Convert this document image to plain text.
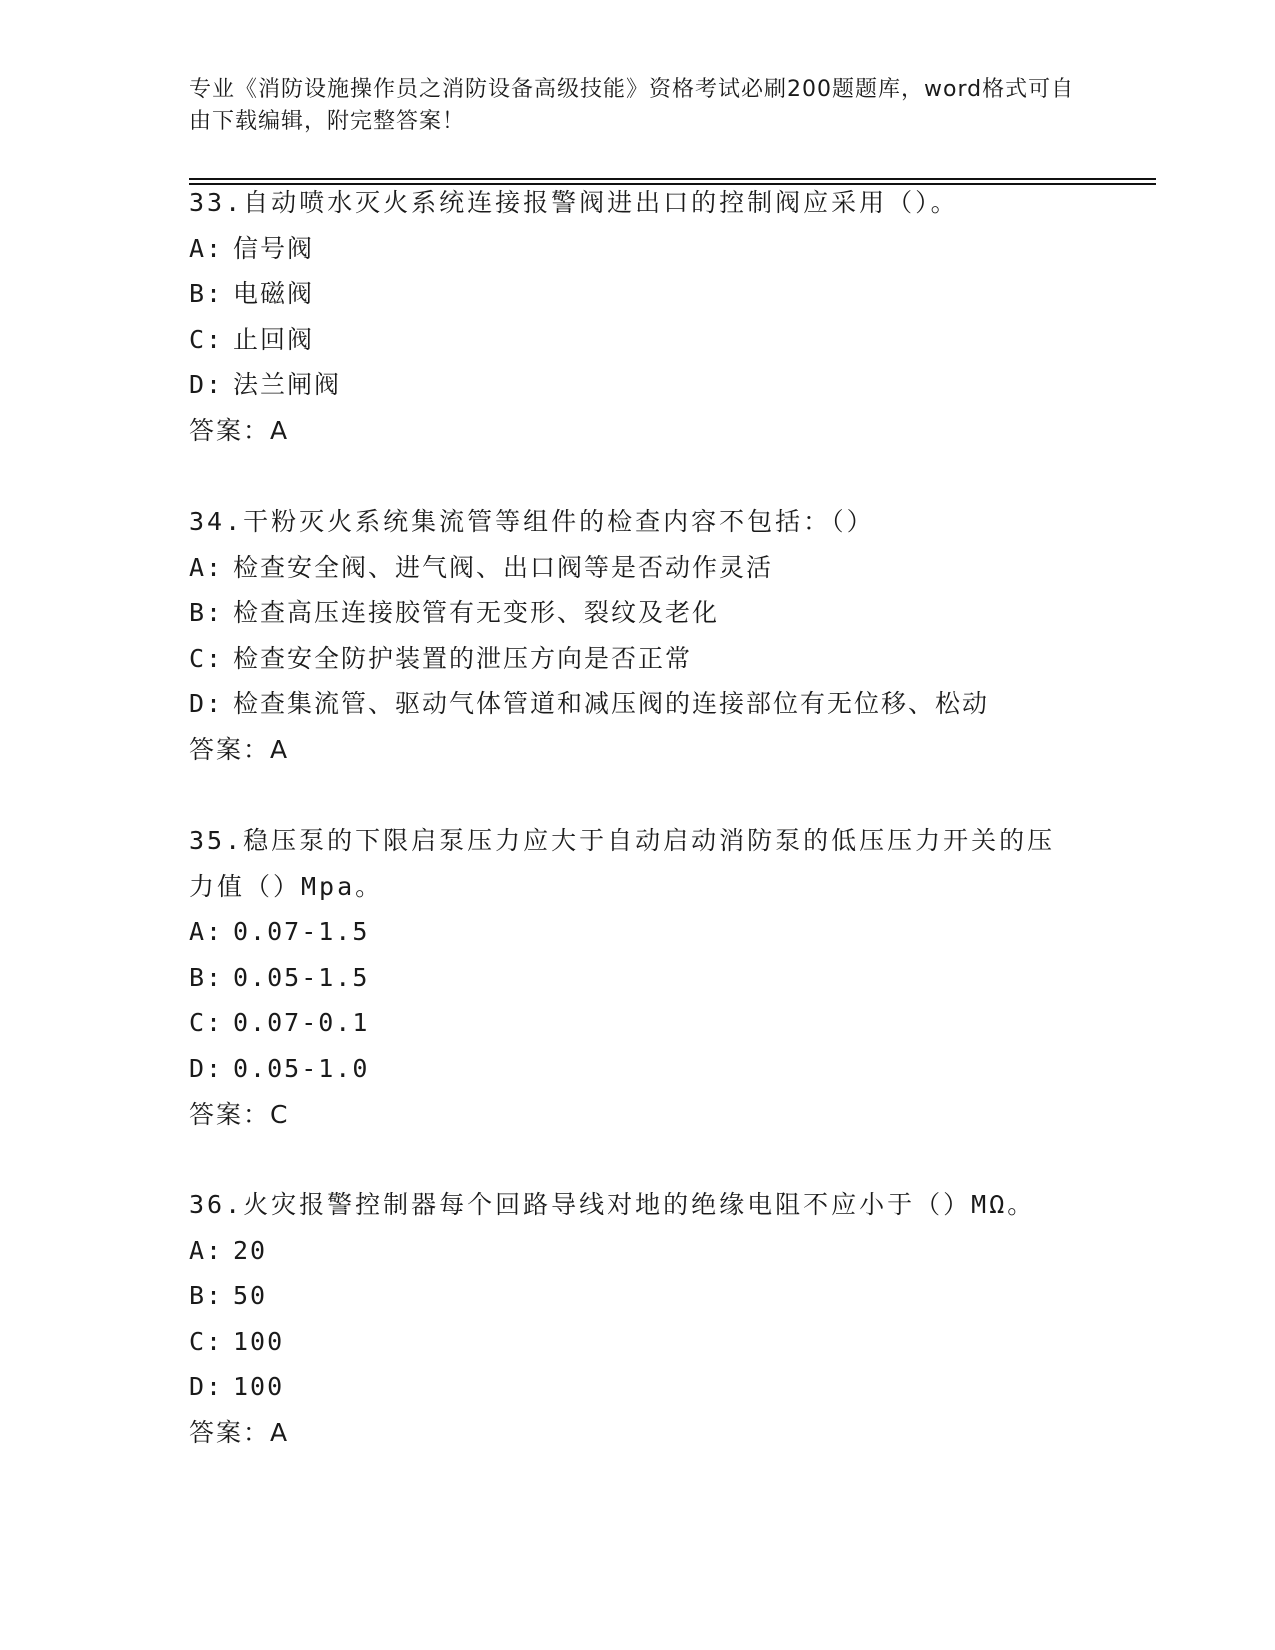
专业《消防设施操作员之消防设备高级技能》资格考试必刷200题题库，word格式可自由下载编辑，附完整答案！
33.自动喷水灭火系统连接报警阀进出口的控制阀应采用（）。
A: 信号阀
B: 电磁阀
C: 止回阀
D: 法兰闸阀
答案：A
34.干粉灭火系统集流管等组件的检查内容不包括：（）
A: 检查安全阀、进气阀、出口阀等是否动作灵活
B: 检查高压连接胶管有无变形、裂纹及老化
C: 检查安全防护装置的泄压方向是否正常
D: 检查集流管、驱动气体管道和减压阀的连接部位有无位移、松动
答案：A
35.稳压泵的下限启泵压力应大于自动启动消防泵的低压压力开关的压力值（）Mpa。
A: 0.07-1.5
B: 0.05-1.5
C: 0.07-0.1
D: 0.05-1.0
答案：C
36.火灾报警控制器每个回路导线对地的绝缘电阻不应小于（）MΩ。
A: 20
B: 50
C: 100
D: 100
答案：A
